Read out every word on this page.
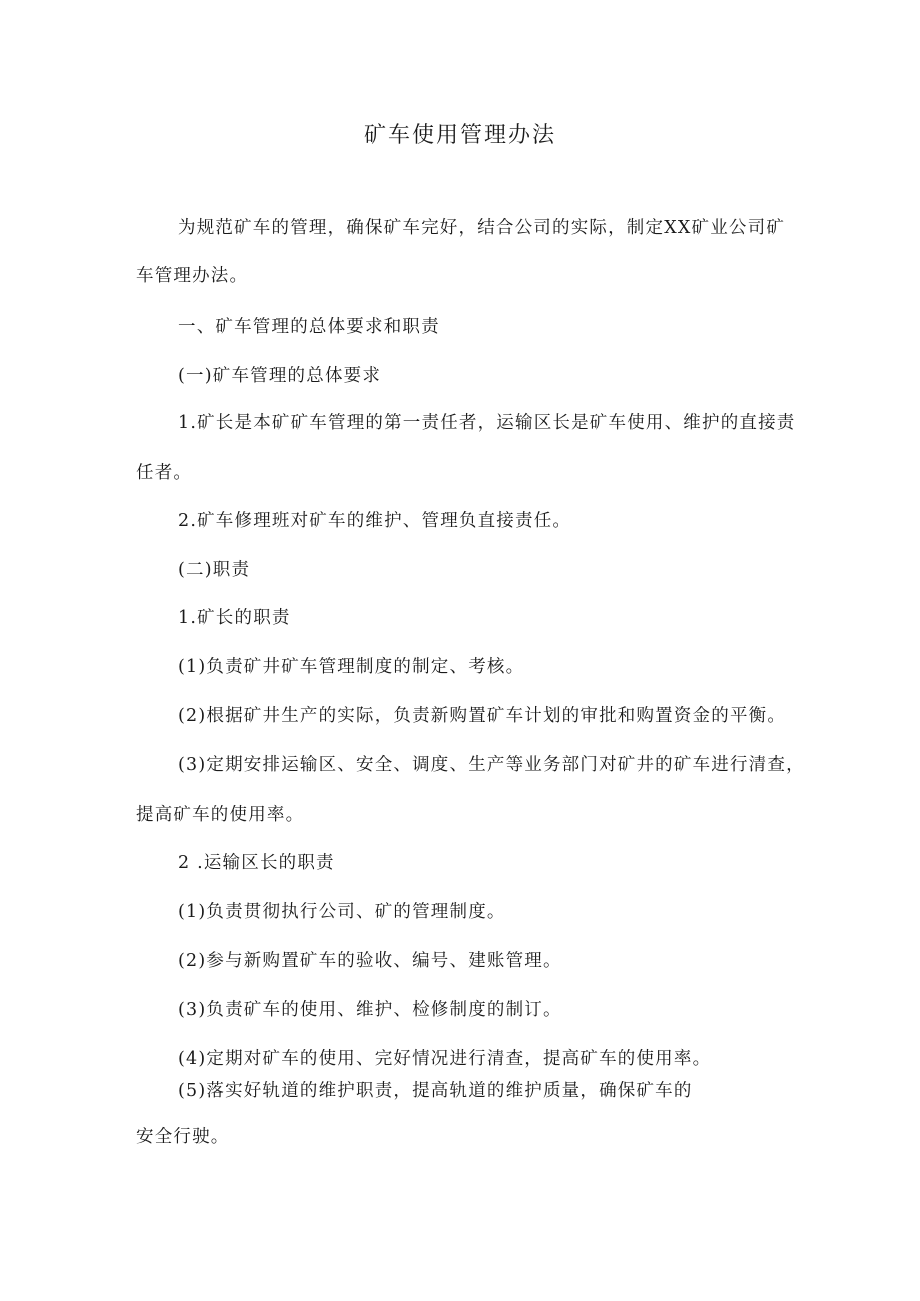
矿车使用管理办法
为规范矿车的管理，确保矿车完好，结合公司的实际，制定XX矿业公司矿
车管理办法。
一、矿车管理的总体要求和职责
(一)矿车管理的总体要求
1.矿长是本矿矿车管理的第一责任者，运输区长是矿车使用、维护的直接责
任者。
2.矿车修理班对矿车的维护、管理负直接责任。
(二)职责
1.矿长的职责
(1)负责矿井矿车管理制度的制定、考核。
(2)根据矿井生产的实际，负责新购置矿车计划的审批和购置资金的平衡。
(3)定期安排运输区、安全、调度、生产等业务部门对矿井的矿车进行清查，
提高矿车的使用率。
2 .运输区长的职责
(1)负责贯彻执行公司、矿的管理制度。
(2)参与新购置矿车的验收、编号、建账管理。
(3)负责矿车的使用、维护、检修制度的制订。
(4)定期对矿车的使用、完好情况进行清查，提高矿车的使用率。
(5)落实好轨道的维护职责，提高轨道的维护质量，确保矿车的
安全行驶。
